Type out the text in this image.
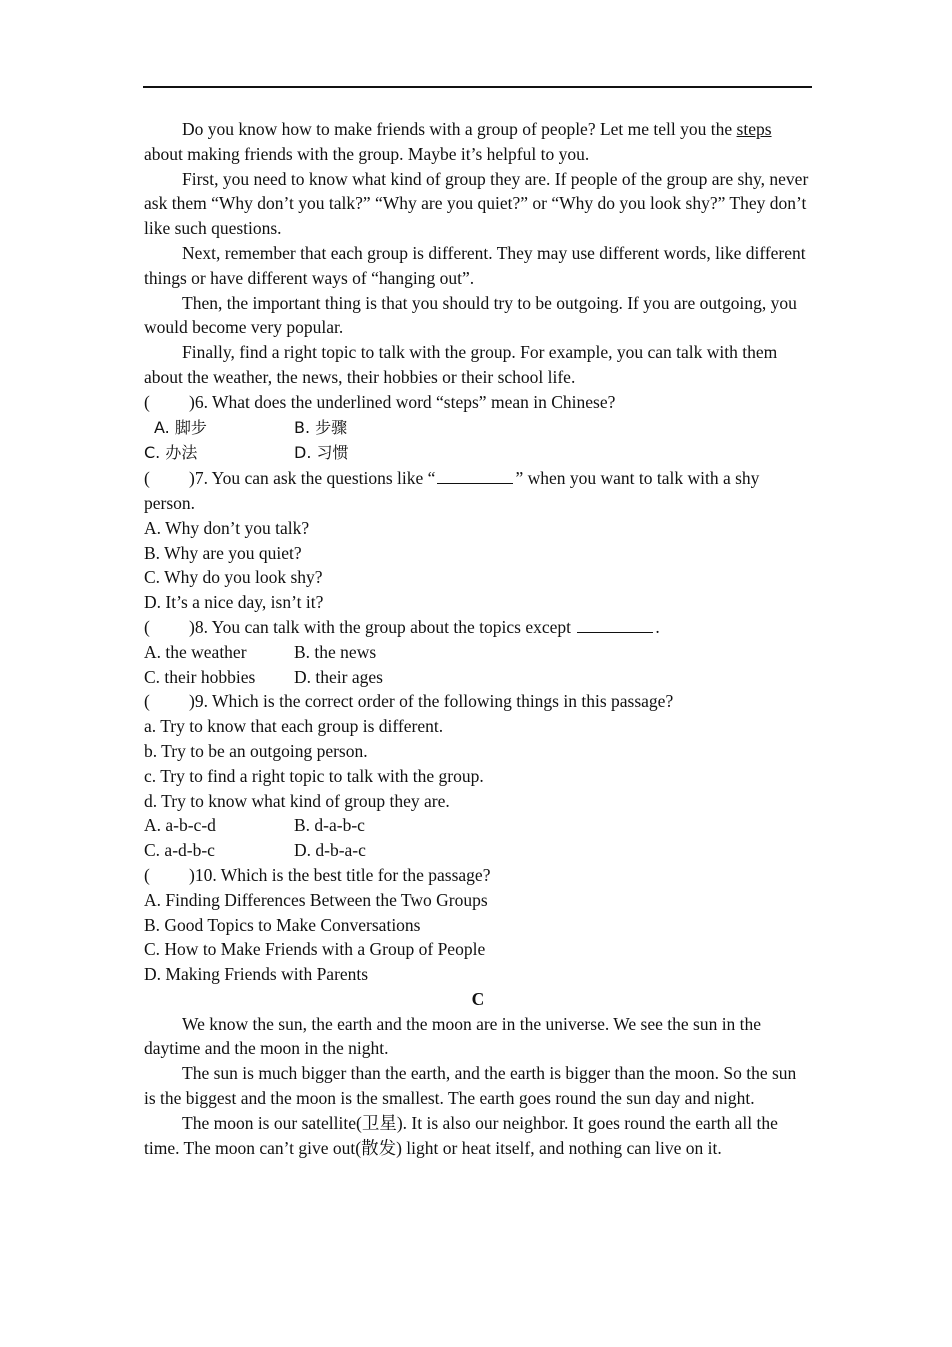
Do you know how to make friends with a group of people? Let me tell you the steps about making friends with the group. Maybe it’s helpful to you.

First, you need to know what kind of group they are. If people of the group are shy, never ask them “Why don’t you talk?” “Why are you quiet?” or “Why do you look shy?” They don’t like such questions.

Next, remember that each group is different. They may use different words, like different things or have different ways of “hanging out”.

Then, the important thing is that you should try to be outgoing. If you are outgoing, you would become very popular.

Finally, find a right topic to talk with the group. For example, you can talk with them about the weather, the news, their hobbies or their school life.

( )6. What does the underlined word “steps” mean in Chinese?

A. 脚步	B. 步骤

C. 办法	D. 习惯

( )7. You can ask the questions like “	” when you want to talk with a shy person.

A. Why don’t you talk?

B. Why are you quiet?

C. Why do you look shy?

D. It’s a nice day, isn’t it?

( )8. You can talk with the group about the topics except	.

A. the weather	B. the news

C. their hobbies D. their ages

( )9. Which is the correct order of the following things in this passage?

a. Try to know that each group is different.

b. Try to be an outgoing person.

c. Try to find a right topic to talk with the group.

d. Try to know what kind of group they are.

A. a-b-c-d	B. d-a-b-c

C. a-d-b-c	D. d-b-a-c

( )10. Which is the best title for the passage?

A. Finding Differences Between the Two Groups

B. Good Topics to Make Conversations

C. How to Make Friends with a Group of People

D. Making Friends with Parents

C

We know the sun, the earth and the moon are in the universe. We see the sun in the daytime and the moon in the night.

The sun is much bigger than the earth, and the earth is bigger than the moon. So the sun is the biggest and the moon is the smallest. The earth goes round the sun day and night.

The moon is our satellite(卫星). It is also our neighbor. It goes round the earth all the time. The moon can’t give out(散发) light or heat itself, and nothing can live on it.
